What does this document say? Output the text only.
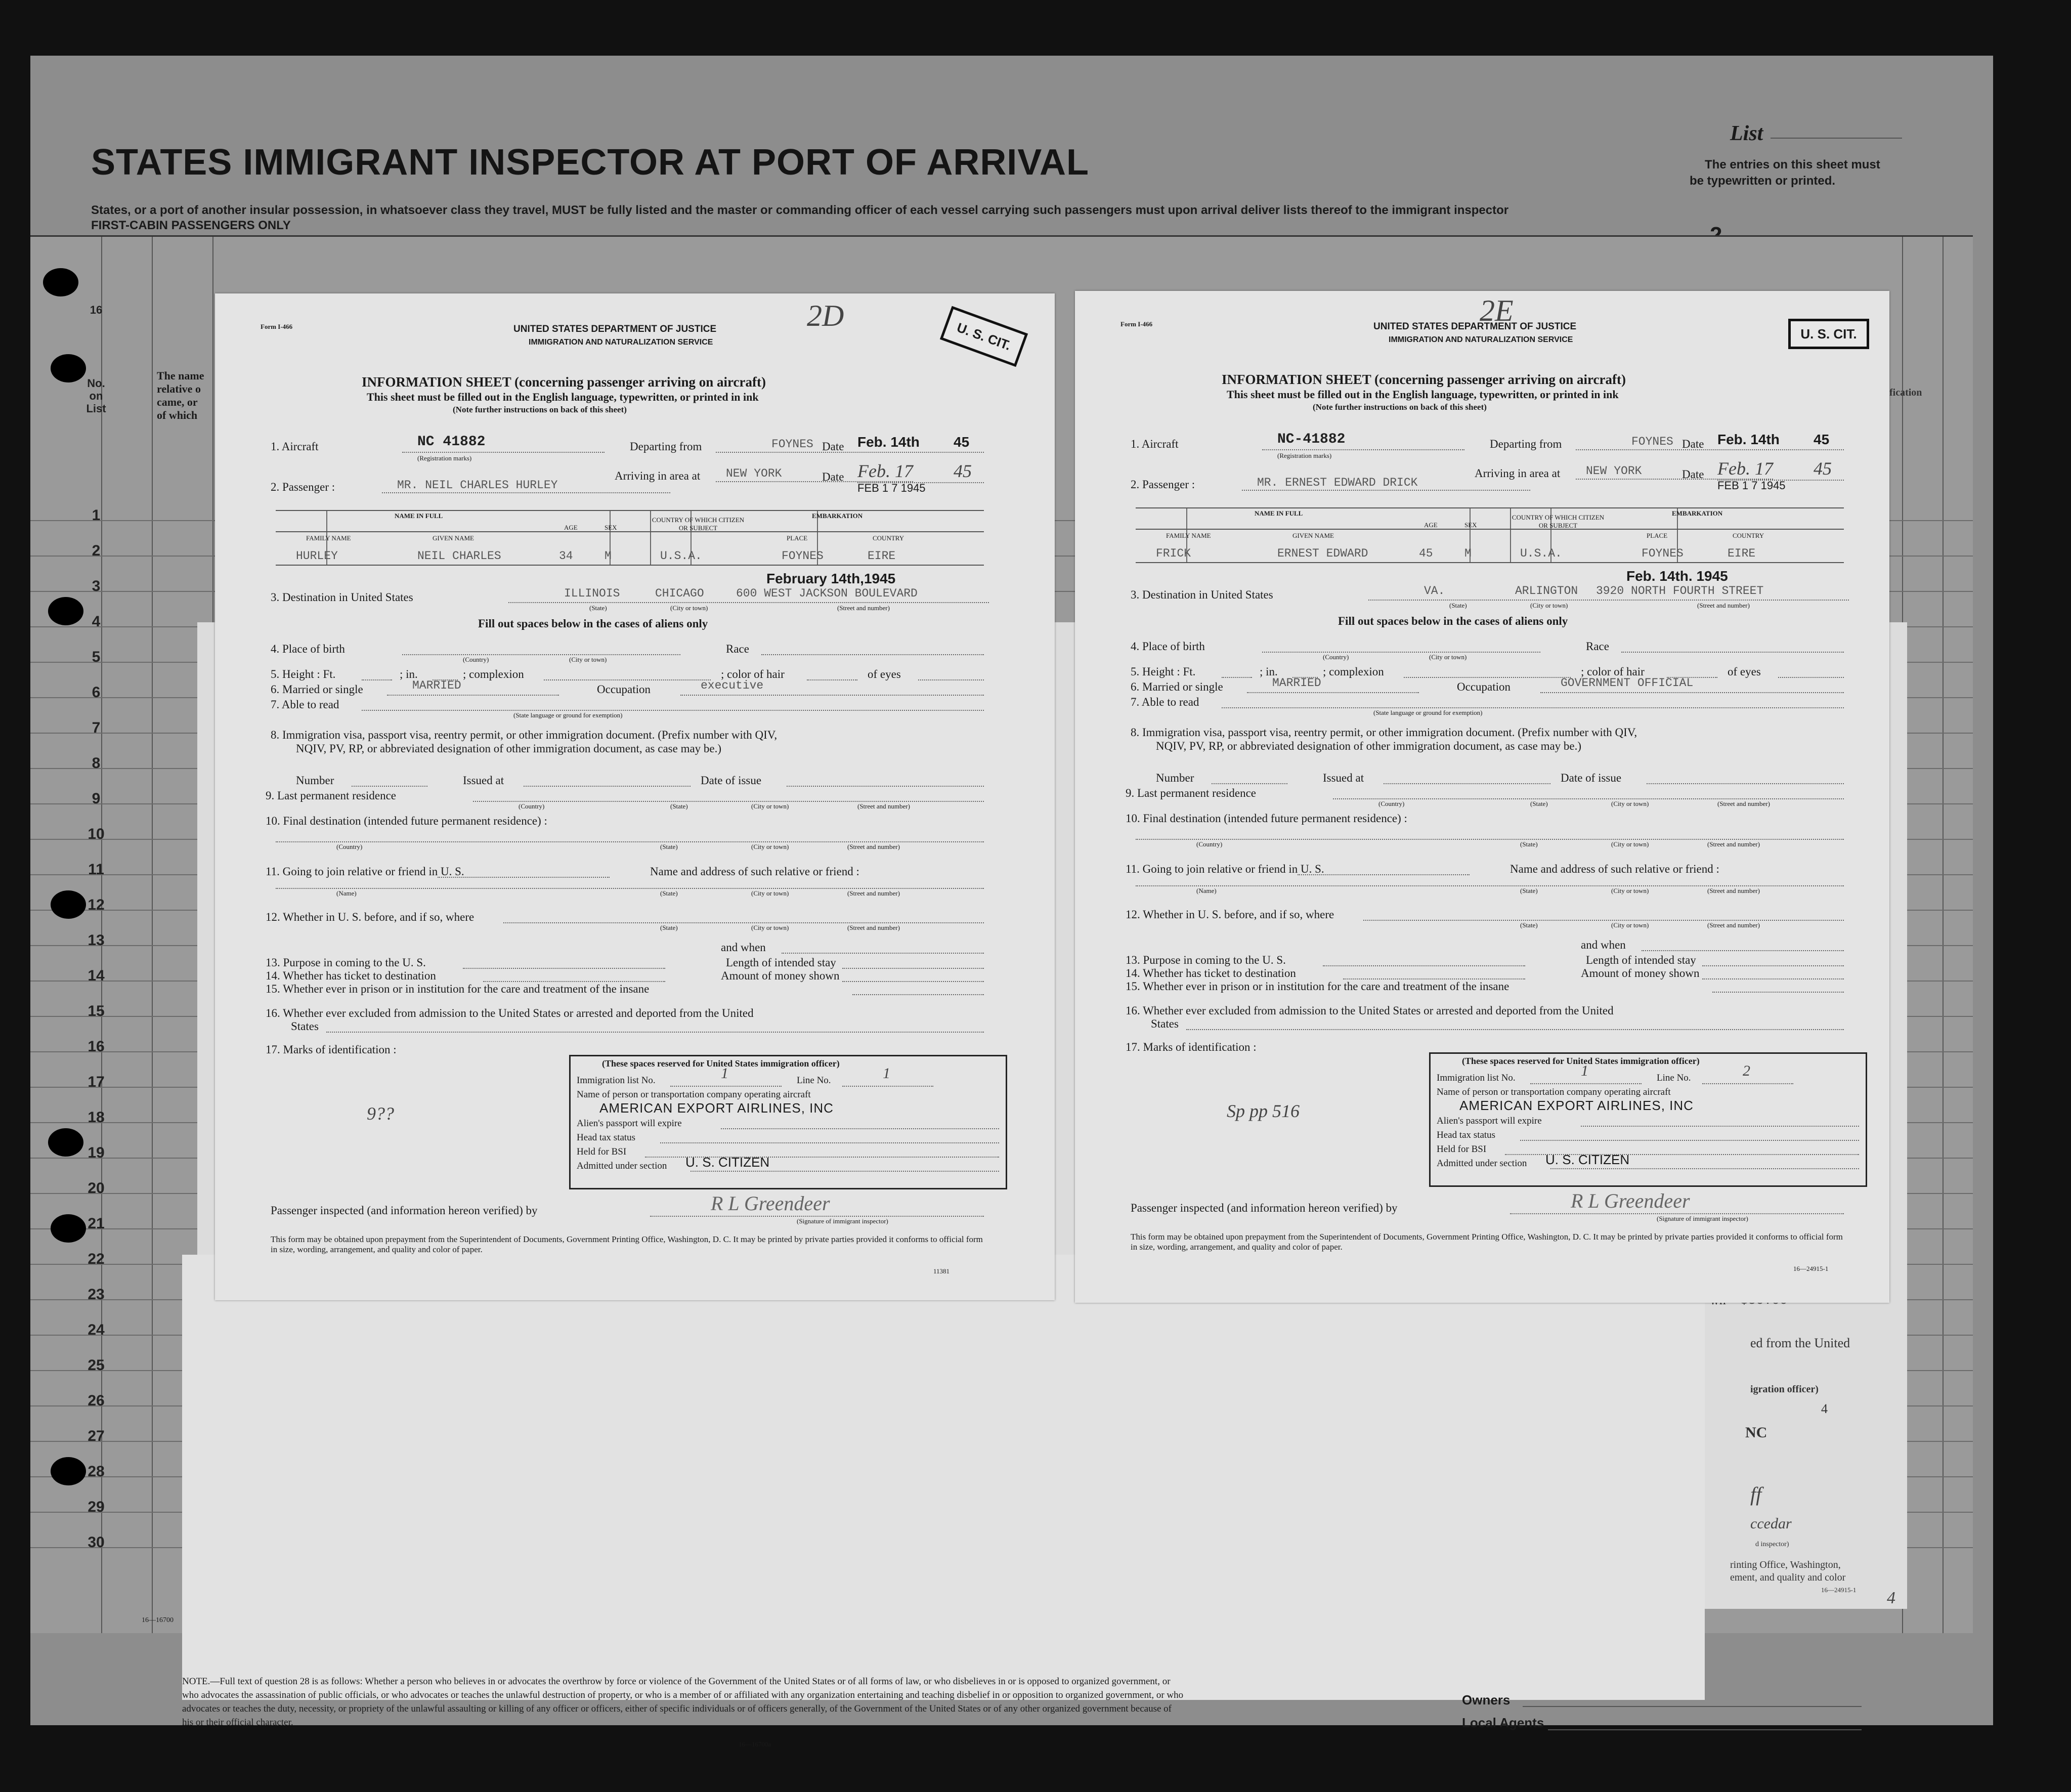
List
The entries on this sheet must
be typewritten or printed.
STATES IMMIGRANT INSPECTOR AT PORT OF ARRIVAL
States, or a port of another insular possession, in whatsoever class they travel, MUST be fully listed and the master or commanding officer of each vessel carrying such passengers must upon arrival deliver lists thereof to the immigrant inspector
FIRST-CABIN PASSENGERS ONLY
16
No.
on
List
The name
relative o
came, or
of which
1
2
3
4
5
6
7
8
9
10
11
12
13
14
15
16
17
18
19
20
21
22
23
24
25
26
27
28
29
30
16—16700
ed from the United
igration officer)
4
NC
ff
ccedar
d inspector)
rinting Office, Washington,
ement, and quality and color
16—24915-1 4
fication
2D
U. S. CIT.
Form I-466	UNITED STATES DEPARTMENT OF JUSTICE
IMMIGRATION AND NATURALIZATION SERVICE
INFORMATION SHEET (concerning passenger arriving on aircraft)
This sheet must be filled out in the English language, typewritten, or printed in ink
(Note further instructions on back of this sheet)
1. Aircraft	NC 41882
(Registration marks)
Departing from	FOYNES Date Feb. 14th 45
Arriving in area at NEW YORK	Date Feb. 17 45
FEB 1 7 1945
2. Passenger :	MR. NEIL CHARLES HURLEY
NAME IN FULL
FAMILY NAME	GIVEN NAME
AGE	SEX
COUNTRY OF WHICH CITIZEN OR SUBJECT
EMBARKATION
PLACE	COUNTRY
HURLEY	NEIL CHARLES	34	M	U.S.A.	FOYNES	EIRE
February 14th,1945
3. Destination in United States	ILLINOIS	CHICAGO	600 WEST JACKSON BOULEVARD
(State)	(City or town)	(Street and number)
Fill out spaces below in the cases of aliens only
4. Place of birth
(Country)	(City or town)
Race
5. Height : Ft.	; in.	; complexion	; color of hair	of eyes
6. Married or single	MARRIED	Occupation	executive
7. Able to read
(State language or ground for exemption)
8. Immigration visa, passport visa, reentry permit, or other immigration document. (Prefix number with QIV,
NQIV, PV, RP, or abbreviated designation of other immigration document, as case may be.)
Number	Issued at	Date of issue
9. Last permanent residence
(Country)	(State)	(City or town)	(Street and number)
10. Final destination (intended future permanent residence) :
(Country)	(State)	(City or town)	(Street and number)
11. Going to join relative or friend in U. S.	Name and address of such relative or friend :
(Name)	(State)	(City or town)	(Street and number)
12. Whether in U. S. before, and if so, where
(State)	(City or town)	(Street and number)
and when
13. Purpose in coming to the U. S.	Length of intended stay
14. Whether has ticket to destination	Amount of money shown
15. Whether ever in prison or in institution for the care and treatment of the insane
16. Whether ever excluded from admission to the United States or arrested and deported from the United
States
17. Marks of identification :
9??
(These spaces reserved for United States immigration officer)
Immigration list No.	1	Line No.	1
Name of person or transportation company operating aircraft
AMERICAN EXPORT AIRLINES, INC
Alien's passport will expire
Head tax status
Held for BSI
Admitted under section U. S. CITIZEN
Passenger inspected (and information hereon verified) by	R L Greendeer
(Signature of immigrant inspector)
This form may be obtained upon prepayment from the Superintendent of Documents, Government Printing Office, Washington, D. C. It may be printed by private parties provided it conforms to official form in size, wording, arrangement, and quality and color of paper.
11381
2E
U. S. CIT.
Form I-466	UNITED STATES DEPARTMENT OF JUSTICE
IMMIGRATION AND NATURALIZATION SERVICE
INFORMATION SHEET (concerning passenger arriving on aircraft)
This sheet must be filled out in the English language, typewritten, or printed in ink
(Note further instructions on back of this sheet)
1. Aircraft	NC-41882
(Registration marks)
Departing from	FOYNES Date Feb. 14th 45
Arriving in area at NEW YORK	Date Feb. 17 45
FEB 1 7 1945
2. Passenger :	MR. ERNEST EDWARD DRICK
NAME IN FULL
FAMILY NAME	GIVEN NAME
AGE	SEX
COUNTRY OF WHICH CITIZEN OR SUBJECT
EMBARKATION
PLACE	COUNTRY
FRICK	ERNEST EDWARD	45	M	U.S.A.	FOYNES	EIRE
Feb. 14th. 1945
3. Destination in United States	VA.	ARLINGTON 3920 NORTH FOURTH STREET
(State)	(City or town)	(Street and number)
Fill out spaces below in the cases of aliens only
4. Place of birth
(Country)	(City or town)
Race
5. Height : Ft.	; in.	; complexion	; color of hair	of eyes
6. Married or single	MARRIED	Occupation	GOVERNMENT OFFICIAL
7. Able to read
(State language or ground for exemption)
8. Immigration visa, passport visa, reentry permit, or other immigration document. (Prefix number with QIV,
NQIV, PV, RP, or abbreviated designation of other immigration document, as case may be.)
Number	Issued at	Date of issue
9. Last permanent residence
(Country)	(State)	(City or town)	(Street and number)
10. Final destination (intended future permanent residence) :
(Country)	(State)	(City or town)	(Street and number)
11. Going to join relative or friend in U. S.	Name and address of such relative or friend :
(Name)	(State)	(City or town)	(Street and number)
12. Whether in U. S. before, and if so, where
(State)	(City or town)	(Street and number)
and when
13. Purpose in coming to the U. S.	Length of intended stay
14. Whether has ticket to destination	Amount of money shown
15. Whether ever in prison or in institution for the care and treatment of the insane
16. Whether ever excluded from admission to the United States or arrested and deported from the United
States
17. Marks of identification :
Sp pp 516
(These spaces reserved for United States immigration officer)
Immigration list No.	1	Line No.	2
Name of person or transportation company operating aircraft
AMERICAN EXPORT AIRLINES, INC
Alien's passport will expire
Head tax status
Held for BSI
Admitted under section U. S. CITIZEN
Passenger inspected (and information hereon verified) by	R L Greendeer
(Signature of immigrant inspector)
This form may be obtained upon prepayment from the Superintendent of Documents, Government Printing Office, Washington, D. C. It may be printed by private parties provided it conforms to official form in size, wording, arrangement, and quality and color of paper.
16—24915-1
NOTE.—Full text of question 28 is as follows: Whether a person who believes in or advocates the overthrow by force or violence of the Government of the United States or of all forms of law, or who disbelieves in or is opposed to organized government, or who advocates the assassination of public officials, or who advocates or teaches the unlawful destruction of property, or who is a member of or affiliated with any organization entertaining and teaching disbelief in or opposition to organized government, or who advocates or teaches the duty, necessity, or propriety of the unlawful assaulting or killing of any officer or officers, either of specific individuals or of officers generally, of the Government of the United States or of any other organized government because of his or their official character.
16—16700a
Owners
Local Agents
